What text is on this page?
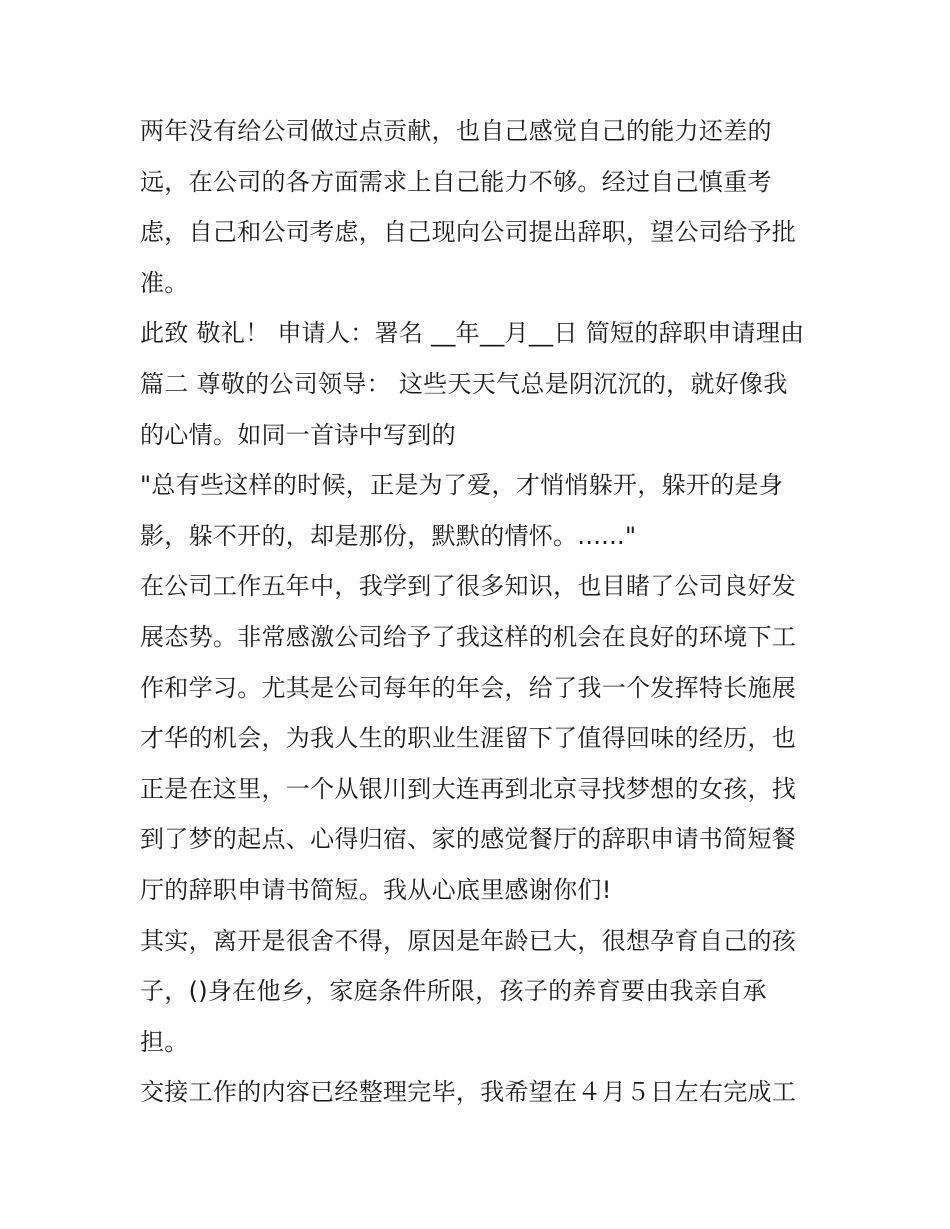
两年没有给公司做过点贡献，也自己感觉自己的能力还差的
远，在公司的各方面需求上自己能力不够。经过自己慎重考
虑，自己和公司考虑，自己现向公司提出辞职，望公司给予批
准。

此致 敬礼！ 申请人：署名 __年__月__日 简短的辞职申请理由
篇二 尊敬的公司领导： 这些天天气总是阴沉沉的，就好像我
的心情。如同一首诗中写到的

"总有些这样的时候，正是为了爱，才悄悄躲开，躲开的是身
影，躲不开的，却是那份，默默的情怀。......"

在公司工作五年中，我学到了很多知识，也目睹了公司良好发
展态势。非常感激公司给予了我这样的机会在良好的环境下工
作和学习。尤其是公司每年的年会，给了我一个发挥特长施展
才华的机会，为我人生的职业生涯留下了值得回味的经历，也
正是在这里，一个从银川到大连再到北京寻找梦想的女孩，找
到了梦的起点、心得归宿、家的感觉餐厅的辞职申请书简短餐
厅的辞职申请书简短。我从心底里感谢你们!

其实，离开是很舍不得，原因是年龄已大，很想孕育自己的孩
子，()身在他乡，家庭条件所限，孩子的养育要由我亲自承
担。

交接工作的内容已经整理完毕，我希望在４月５日左右完成工
